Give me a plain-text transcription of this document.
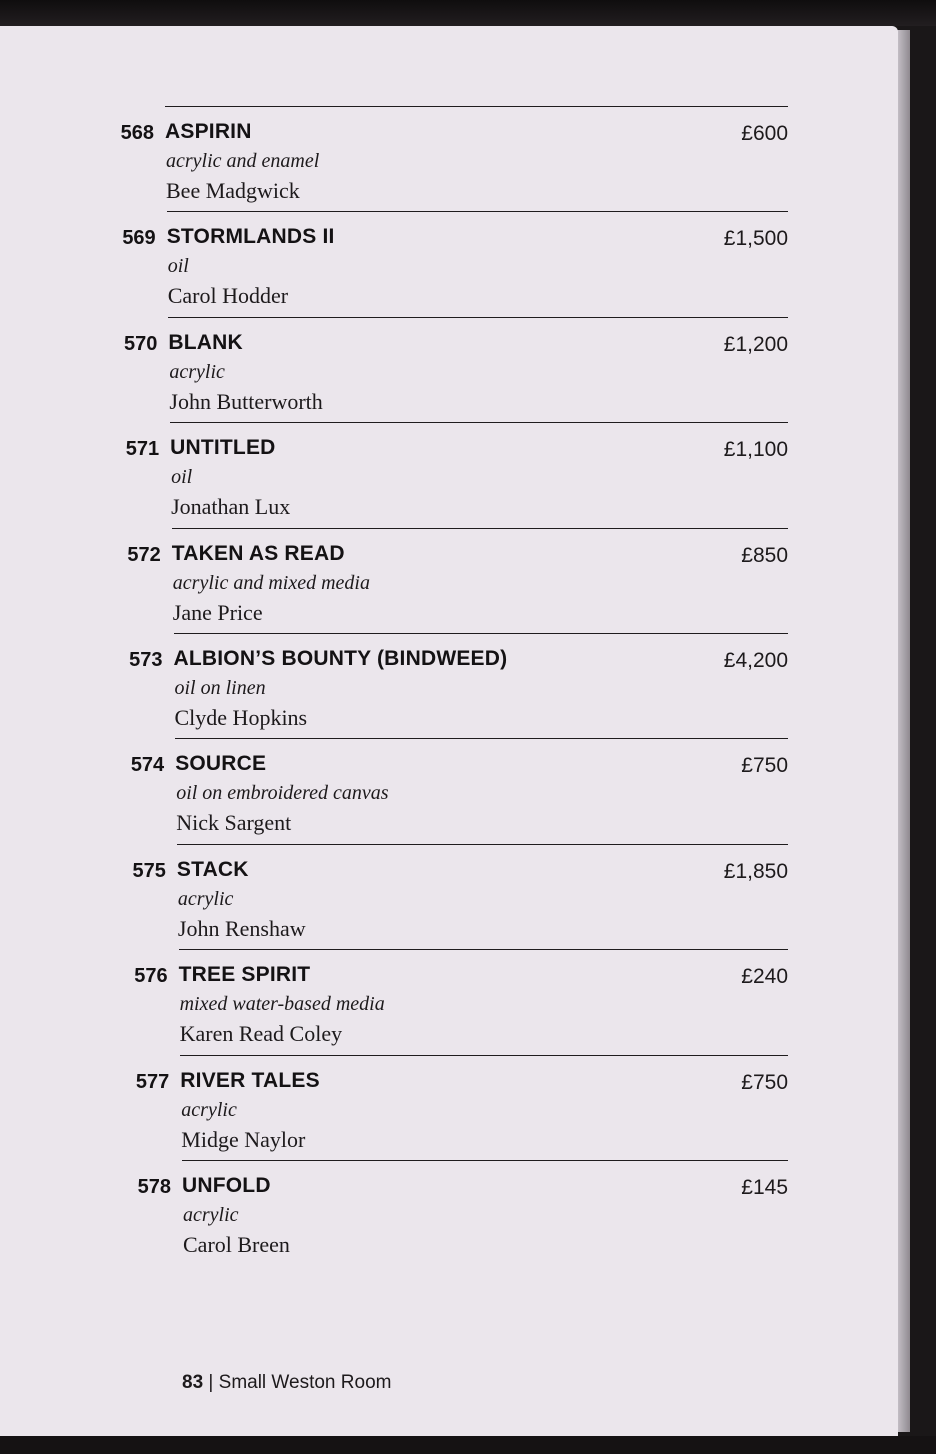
568 ASPIRIN
acrylic and enamel
Bee Madgwick
£600
569 STORMLANDS II
oil
Carol Hodder
£1,500
570 BLANK
acrylic
John Butterworth
£1,200
571 UNTITLED
oil
Jonathan Lux
£1,100
572 TAKEN AS READ
acrylic and mixed media
Jane Price
£850
573 ALBION’S BOUNTY (BINDWEED)
oil on linen
Clyde Hopkins
£4,200
574 SOURCE
oil on embroidered canvas
Nick Sargent
£750
575 STACK
acrylic
John Renshaw
£1,850
576 TREE SPIRIT
mixed water-based media
Karen Read Coley
£240
577 RIVER TALES
acrylic
Midge Naylor
£750
578 UNFOLD
acrylic
Carol Breen
£145
83 | Small Weston Room
